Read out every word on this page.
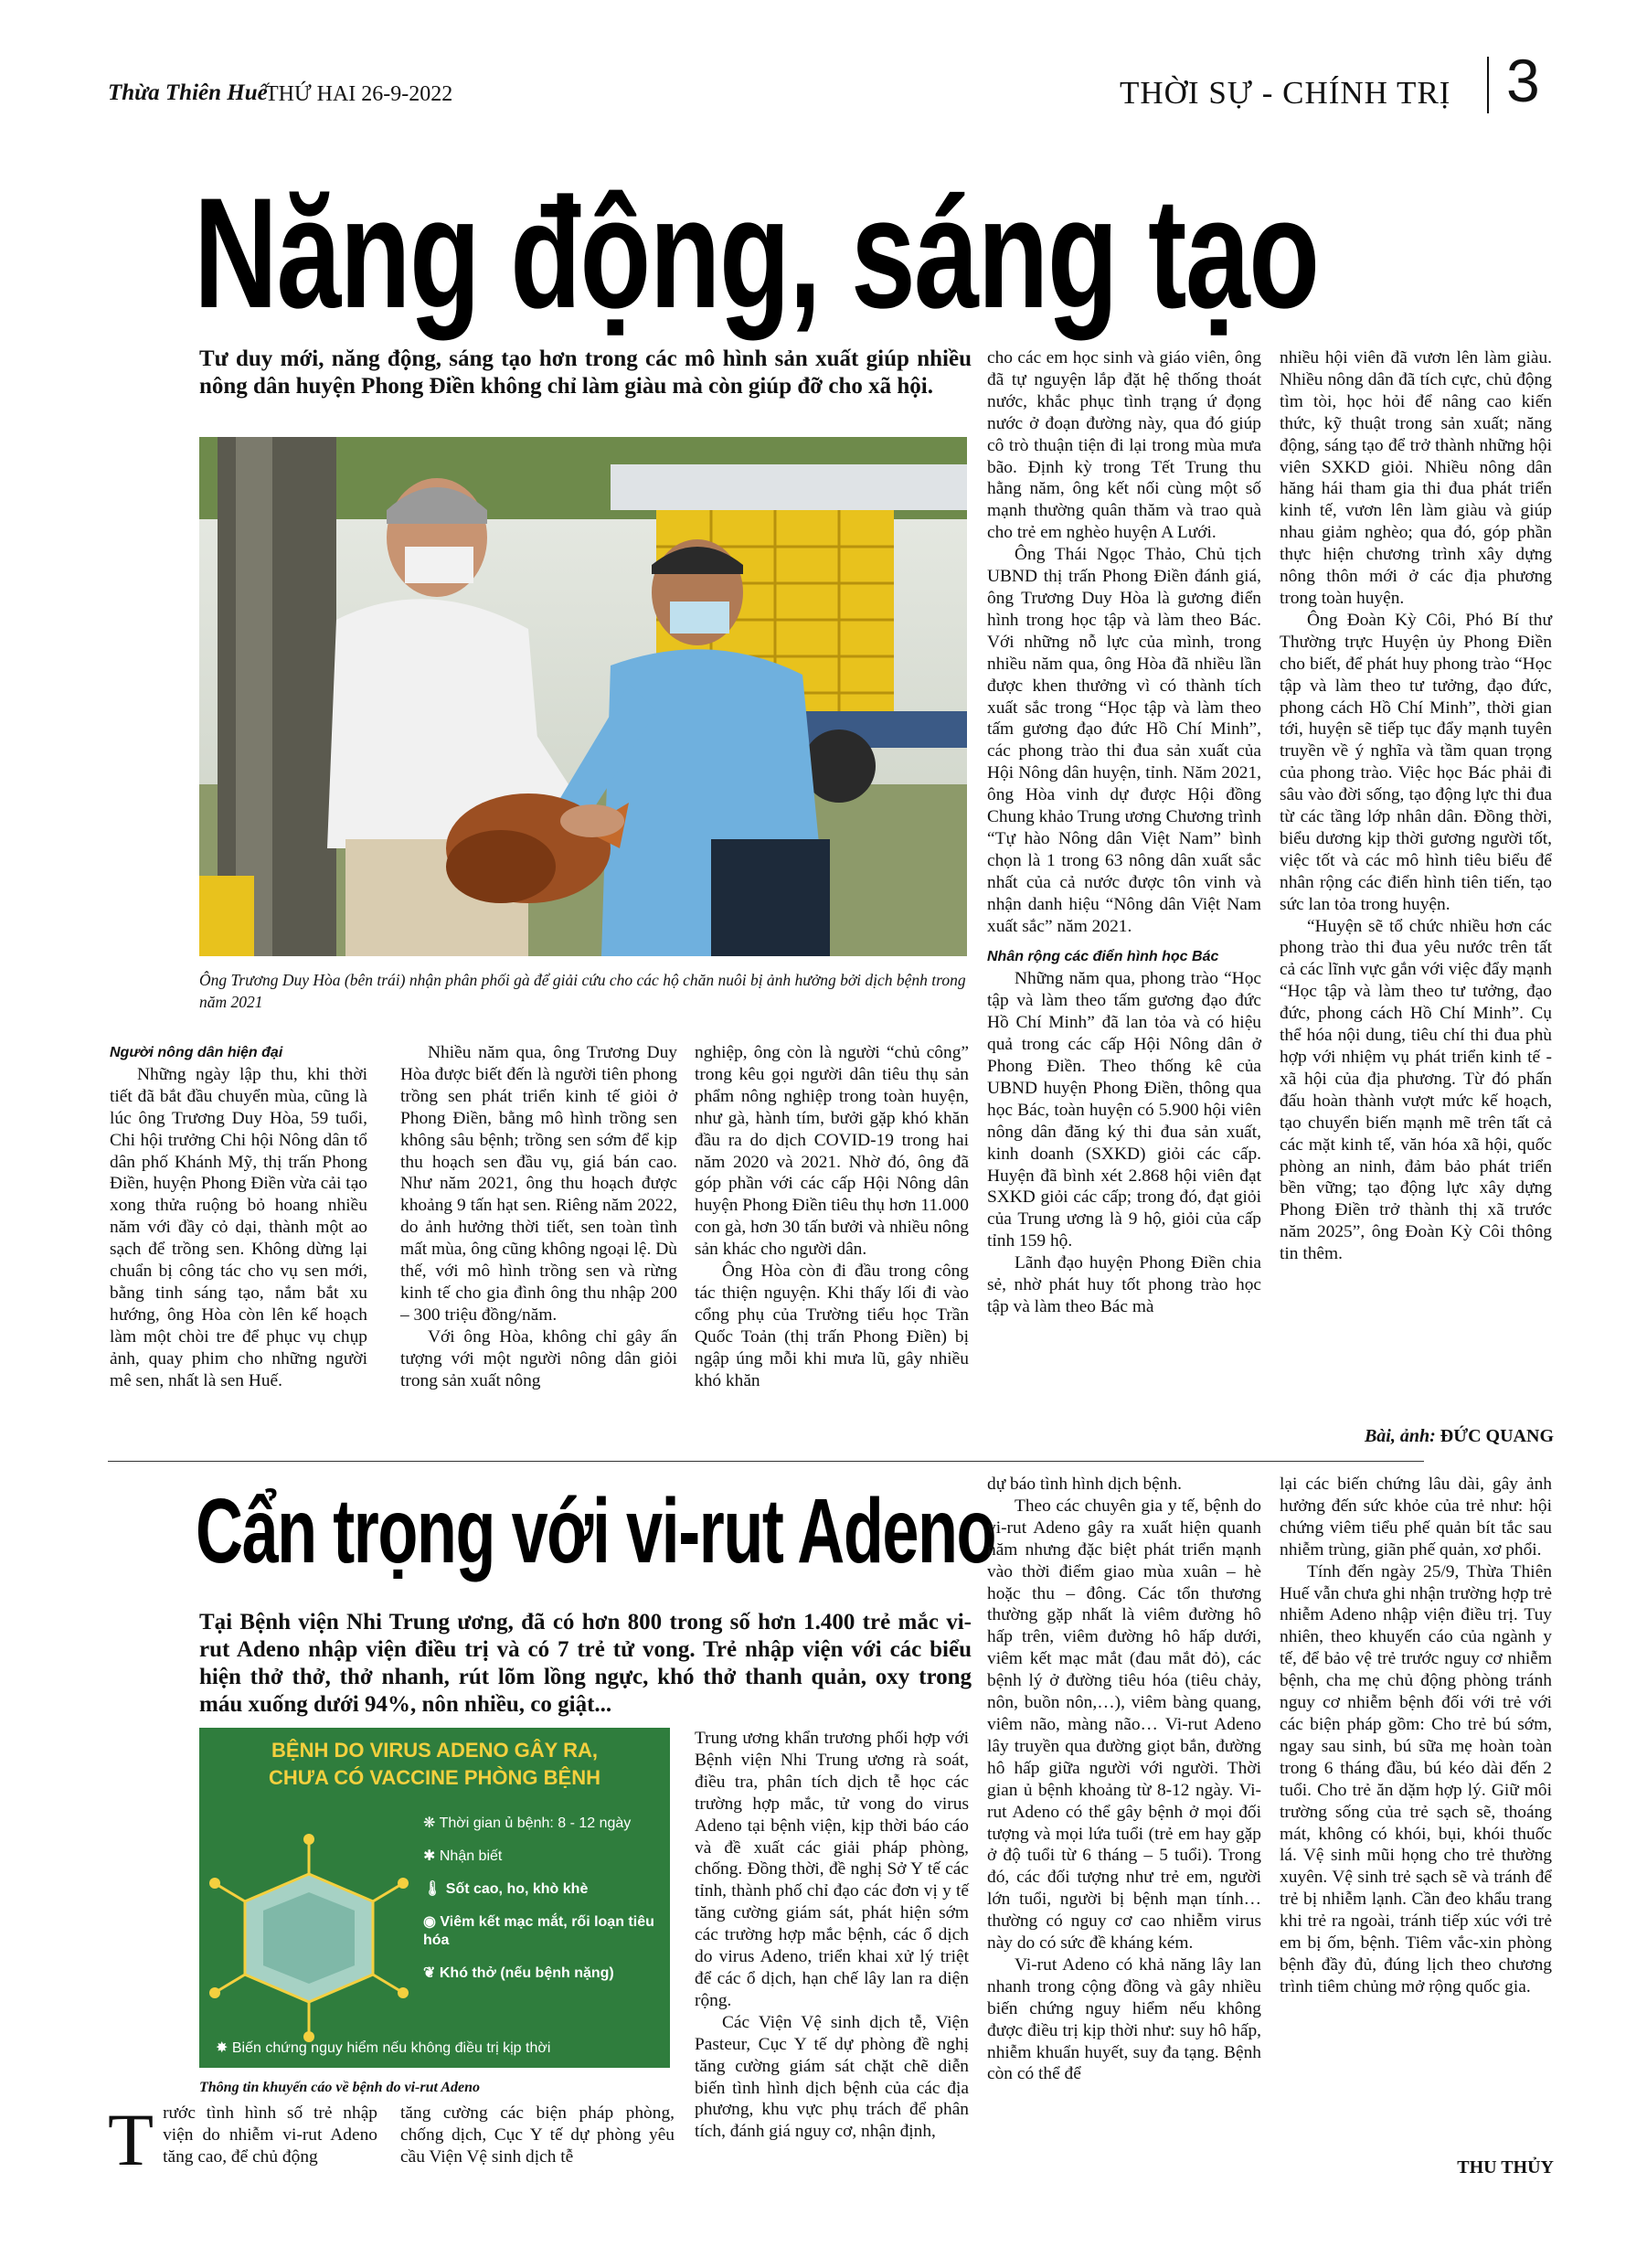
Thừa Thiên Huế
THỨ HAI 26-9-2022	THỜI SỰ - CHÍNH TRỊ 3
Năng động, sáng tạo
Tư duy mới, năng động, sáng tạo hơn trong các mô hình sản xuất giúp nhiều nông dân huyện Phong Điền không chỉ làm giàu mà còn giúp đỡ cho xã hội.
Ông Trương Duy Hòa (bên trái) nhận phân phối gà để giải cứu cho các hộ chăn nuôi bị ảnh hưởng bởi dịch bệnh trong năm 2021

Người nông dân hiện đại

Những ngày lập thu, khi thời tiết đã bắt đầu chuyển mùa, cũng là lúc ông Trương Duy Hòa, 59 tuổi, Chi hội trưởng Chi hội Nông dân tổ dân phố Khánh Mỹ, thị trấn Phong Điền, huyện Phong Điền vừa cải tạo xong thửa ruộng bỏ hoang nhiều năm với đầy cỏ dại, thành một ao sạch để trồng sen. Không dừng lại chuẩn bị công tác cho vụ sen mới, bằng tinh sáng tạo, nắm bắt xu hướng, ông Hòa còn lên kế hoạch làm một chòi tre để phục vụ chụp ảnh, quay phim cho những người mê sen, nhất là sen Huế.

Nhiều năm qua, ông Trương Duy Hòa được biết đến là người tiên phong trồng sen phát triển kinh tế giỏi ở Phong Điền, bằng mô hình trồng sen không sâu bệnh; trồng sen sớm để kịp thu hoạch sen đầu vụ, giá bán cao. Như năm 2021, ông thu hoạch được khoảng 9 tấn hạt sen. Riêng năm 2022, do ảnh hưởng thời tiết, sen toàn tình mất mùa, ông cũng không ngoại lệ. Dù thế, với mô hình trồng sen và rừng kinh tế cho gia đình ông thu nhập 200 – 300 triệu đồng/năm.

Với ông Hòa, không chỉ gây ấn tượng với một người nông dân giỏi trong sản xuất nông

nghiệp, ông còn là người “chủ công” trong kêu gọi người dân tiêu thụ sản phẩm nông nghiệp trong toàn huyện, như gà, hành tím, bưởi gặp khó khăn đầu ra do dịch COVID-19 trong hai năm 2020 và 2021. Nhờ đó, ông đã góp phần với các cấp Hội Nông dân huyện Phong Điền tiêu thụ hơn 11.000 con gà, hơn 30 tấn bưởi và nhiều nông sản khác cho người dân.

Ông Hòa còn đi đầu trong công tác thiện nguyện. Khi thấy lối đi vào cổng phụ của Trường tiểu học Trần Quốc Toản (thị trấn Phong Điền) bị ngập úng mỗi khi mưa lũ, gây nhiều khó khăn

cho các em học sinh và giáo viên, ông đã tự nguyện lắp đặt hệ thống thoát nước, khắc phục tình trạng ứ đọng nước ở đoạn đường này, qua đó giúp cô trò thuận tiện đi lại trong mùa mưa bão. Định kỳ trong Tết Trung thu hằng năm, ông kết nối cùng một số mạnh thường quân thăm và trao quà cho trẻ em nghèo huyện A Lưới.

Ông Thái Ngọc Thảo, Chủ tịch UBND thị trấn Phong Điền đánh giá, ông Trương Duy Hòa là gương điển hình trong học tập và làm theo Bác. Với những nỗ lực của mình, trong nhiều năm qua, ông Hòa đã nhiều lần được khen thưởng vì có thành tích xuất sắc trong “Học tập và làm theo tấm gương đạo đức Hồ Chí Minh”, các phong trào thi đua sản xuất của Hội Nông dân huyện, tỉnh. Năm 2021, ông Hòa vinh dự được Hội đồng Chung khảo Trung ương Chương trình “Tự hào Nông dân Việt Nam” bình chọn là 1 trong 63 nông dân xuất sắc nhất của cả nước được tôn vinh và nhận danh hiệu “Nông dân Việt Nam xuất sắc” năm 2021.

Nhân rộng các điển hình học Bác

Những năm qua, phong trào “Học tập và làm theo tấm gương đạo đức Hồ Chí Minh” đã lan tỏa và có hiệu quả trong các cấp Hội Nông dân ở Phong Điền. Theo thống kê của UBND huyện Phong Điền, thông qua học Bác, toàn huyện có 5.900 hội viên nông dân đăng ký thi đua sản xuất, kinh doanh (SXKD) giỏi các cấp. Huyện đã bình xét 2.868 hội viên đạt SXKD giỏi các cấp; trong đó, đạt giỏi của Trung ương là 9 hộ, giỏi của cấp tỉnh 159 hộ.

Lãnh đạo huyện Phong Điền chia sẻ, nhờ phát huy tốt phong trào học tập và làm theo Bác mà

nhiều hội viên đã vươn lên làm giàu. Nhiều nông dân đã tích cực, chủ động tìm tòi, học hỏi để nâng cao kiến thức, kỹ thuật trong sản xuất; năng động, sáng tạo để trở thành những hội viên SXKD giỏi. Nhiều nông dân hăng hái tham gia thi đua phát triển kinh tế, vươn lên làm giàu và giúp nhau giảm nghèo; qua đó, góp phần thực hiện chương trình xây dựng nông thôn mới ở các địa phương trong toàn huyện.

Ông Đoàn Kỳ Côi, Phó Bí thư Thường trực Huyện ủy Phong Điền cho biết, để phát huy phong trào “Học tập và làm theo tư tưởng, đạo đức, phong cách Hồ Chí Minh”, thời gian tới, huyện sẽ tiếp tục đẩy mạnh tuyên truyền về ý nghĩa và tầm quan trọng của phong trào. Việc học Bác phải đi sâu vào đời sống, tạo động lực thi đua từ các tầng lớp nhân dân. Đồng thời, biểu dương kịp thời gương người tốt, việc tốt và các mô hình tiêu biểu để nhân rộng các điển hình tiên tiến, tạo sức lan tỏa trong huyện.

“Huyện sẽ tổ chức nhiều hơn các phong trào thi đua yêu nước trên tất cả các lĩnh vực gắn với việc đẩy mạnh “Học tập và làm theo tư tưởng, đạo đức, phong cách Hồ Chí Minh”. Cụ thể hóa nội dung, tiêu chí thi đua phù hợp với nhiệm vụ phát triển kinh tế - xã hội của địa phương. Từ đó phấn đấu hoàn thành vượt mức kế hoạch, tạo chuyển biến mạnh mẽ trên tất cả các mặt kinh tế, văn hóa xã hội, quốc phòng an ninh, đảm bảo phát triển bền vững; tạo động lực xây dựng Phong Điền trở thành thị xã trước năm 2025”, ông Đoàn Kỳ Côi thông tin thêm.

Bài, ảnh: ĐỨC QUANG
Cẩn trọng với vi-rut Adeno
Tại Bệnh viện Nhi Trung ương, đã có hơn 800 trong số hơn 1.400 trẻ mắc vi-rut Adeno nhập viện điều trị và có 7 trẻ tử vong. Trẻ nhập viện với các biểu hiện thở thở, thở nhanh, rút lõm lồng ngực, khó thở thanh quản, oxy trong máu xuống dưới 94%, nôn nhiều, co giật...
BỆNH DO VIRUS ADENO GÂY RA,
CHƯA CÓ VACCINE PHÒNG BỆNH
❋ Thời gian ủ bệnh: 8 - 12 ngày
✱ Nhận biết
🌡 Sốt cao, ho, khò khè
◉ Viêm kết mạc mắt, rối loạn tiêu hóa
❦ Khó thở (nếu bệnh nặng)
✸ Biến chứng nguy hiểm nếu không điều trị kịp thời
Thông tin khuyến cáo về bệnh do vi-rut Adeno
T rước tình hình số trẻ nhập viện do nhiễm vi-rut Adeno tăng cao, để chủ động

tăng cường các biện pháp phòng, chống dịch, Cục Y tế dự phòng yêu cầu Viện Vệ sinh dịch tễ

Trung ương khẩn trương phối hợp với Bệnh viện Nhi Trung ương rà soát, điều tra, phân tích dịch tễ học các trường hợp mắc, tử vong do virus Adeno tại bệnh viện, kịp thời báo cáo và đề xuất các giải pháp phòng, chống. Đồng thời, đề nghị Sở Y tế các tỉnh, thành phố chỉ đạo các đơn vị y tế tăng cường giám sát, phát hiện sớm các trường hợp mắc bệnh, các ổ dịch do virus Adeno, triển khai xử lý triệt để các ổ dịch, hạn chế lây lan ra diện rộng.

Các Viện Vệ sinh dịch tễ, Viện Pasteur, Cục Y tế dự phòng đề nghị tăng cường giám sát chặt chẽ diễn biến tình hình dịch bệnh của các địa phương, khu vực phụ trách để phân tích, đánh giá nguy cơ, nhận định,

dự báo tình hình dịch bệnh.

Theo các chuyên gia y tế, bệnh do vi-rut Adeno gây ra xuất hiện quanh năm nhưng đặc biệt phát triển mạnh vào thời điểm giao mùa xuân – hè hoặc thu – đông. Các tổn thương thường gặp nhất là viêm đường hô hấp trên, viêm đường hô hấp dưới, viêm kết mạc mắt (đau mắt đỏ), các bệnh lý ở đường tiêu hóa (tiêu chảy, nôn, buồn nôn,…), viêm bàng quang, viêm não, màng não… Vi-rut Adeno lây truyền qua đường giọt bắn, đường hô hấp giữa người với người. Thời gian ủ bệnh khoảng từ 8-12 ngày. Vi-rut Adeno có thể gây bệnh ở mọi đối tượng và mọi lứa tuổi (trẻ em hay gặp ở độ tuổi từ 6 tháng – 5 tuổi). Trong đó, các đối tượng như trẻ em, người lớn tuổi, người bị bệnh mạn tính… thường có nguy cơ cao nhiễm virus này do có sức đề kháng kém.

Vi-rut Adeno có khả năng lây lan nhanh trong cộng đồng và gây nhiều biến chứng nguy hiểm nếu không được điều trị kịp thời như: suy hô hấp, nhiễm khuẩn huyết, suy đa tạng. Bệnh còn có thể để

lại các biến chứng lâu dài, gây ảnh hưởng đến sức khỏe của trẻ như: hội chứng viêm tiểu phế quản bít tắc sau nhiễm trùng, giãn phế quản, xơ phổi.

Tính đến ngày 25/9, Thừa Thiên Huế vẫn chưa ghi nhận trường hợp trẻ nhiễm Adeno nhập viện điều trị. Tuy nhiên, theo khuyến cáo của ngành y tế, để bảo vệ trẻ trước nguy cơ nhiễm bệnh, cha mẹ chủ động phòng tránh nguy cơ nhiễm bệnh đối với trẻ với các biện pháp gồm: Cho trẻ bú sớm, ngay sau sinh, bú sữa mẹ hoàn toàn trong 6 tháng đầu, bú kéo dài đến 2 tuổi. Cho trẻ ăn dặm hợp lý. Giữ môi trường sống của trẻ sạch sẽ, thoáng mát, không có khói, bụi, khói thuốc lá. Vệ sinh mũi họng cho trẻ thường xuyên. Vệ sinh trẻ sạch sẽ và tránh để trẻ bị nhiễm lạnh. Cần đeo khẩu trang khi trẻ ra ngoài, tránh tiếp xúc với trẻ em bị ốm, bệnh. Tiêm vắc-xin phòng bệnh đầy đủ, đúng lịch theo chương trình tiêm chủng mở rộng quốc gia.

THU THỦY
